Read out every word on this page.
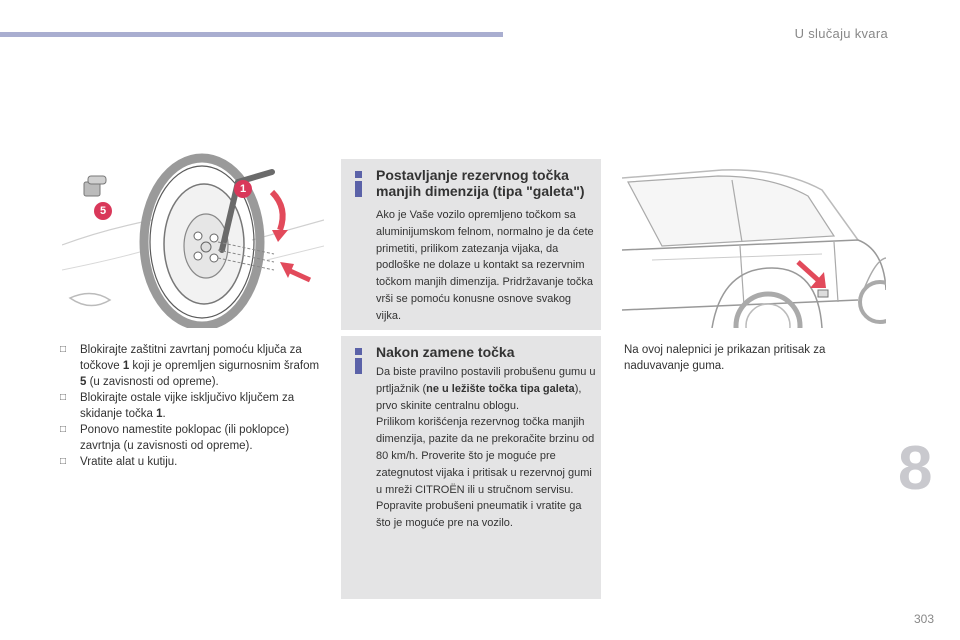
U slučaju kvara
1
5
□ Blokirajte zaštitni zavrtanj pomoću ključa za točkove 1 koji je opremljen sigurnosnim šrafom 5 (u zavisnosti od opreme).
□ Blokirajte ostale vijke isključivo ključem za skidanje točka 1.
□ Ponovo namestite poklopac (ili poklopce) zavrtnja (u zavisnosti od opreme).
□ Vratite alat u kutiju.
Postavljanje rezervnog točka manjih dimenzija (tipa "galeta")
Ako je Vaše vozilo opremljeno točkom sa aluminijumskom felnom, normalno je da ćete primetiti, prilikom zatezanja vijaka, da podloške ne dolaze u kontakt sa rezervnim točkom manjih dimenzija. Pridržavanje točka vrši se pomoću konusne osnove svakog vijka.
Nakon zamene točka
Da biste pravilno postavili probušenu gumu u prtljažnik (ne u ležište točka tipa galeta), prvo skinite centralnu oblogu.
Prilikom korišćenja rezervnog točka manjih dimenzija, pazite da ne prekoračite brzinu od 80 km/h. Proverite što je moguće pre zategnutost vijaka i pritisak u rezervnoj gumi u mreži CITROËN ili u stručnom servisu. Popravite probušeni pneumatik i vratite ga što je moguće pre na vozilo.
Na ovoj nalepnici je prikazan pritisak za naduvavanje guma.
8
303
